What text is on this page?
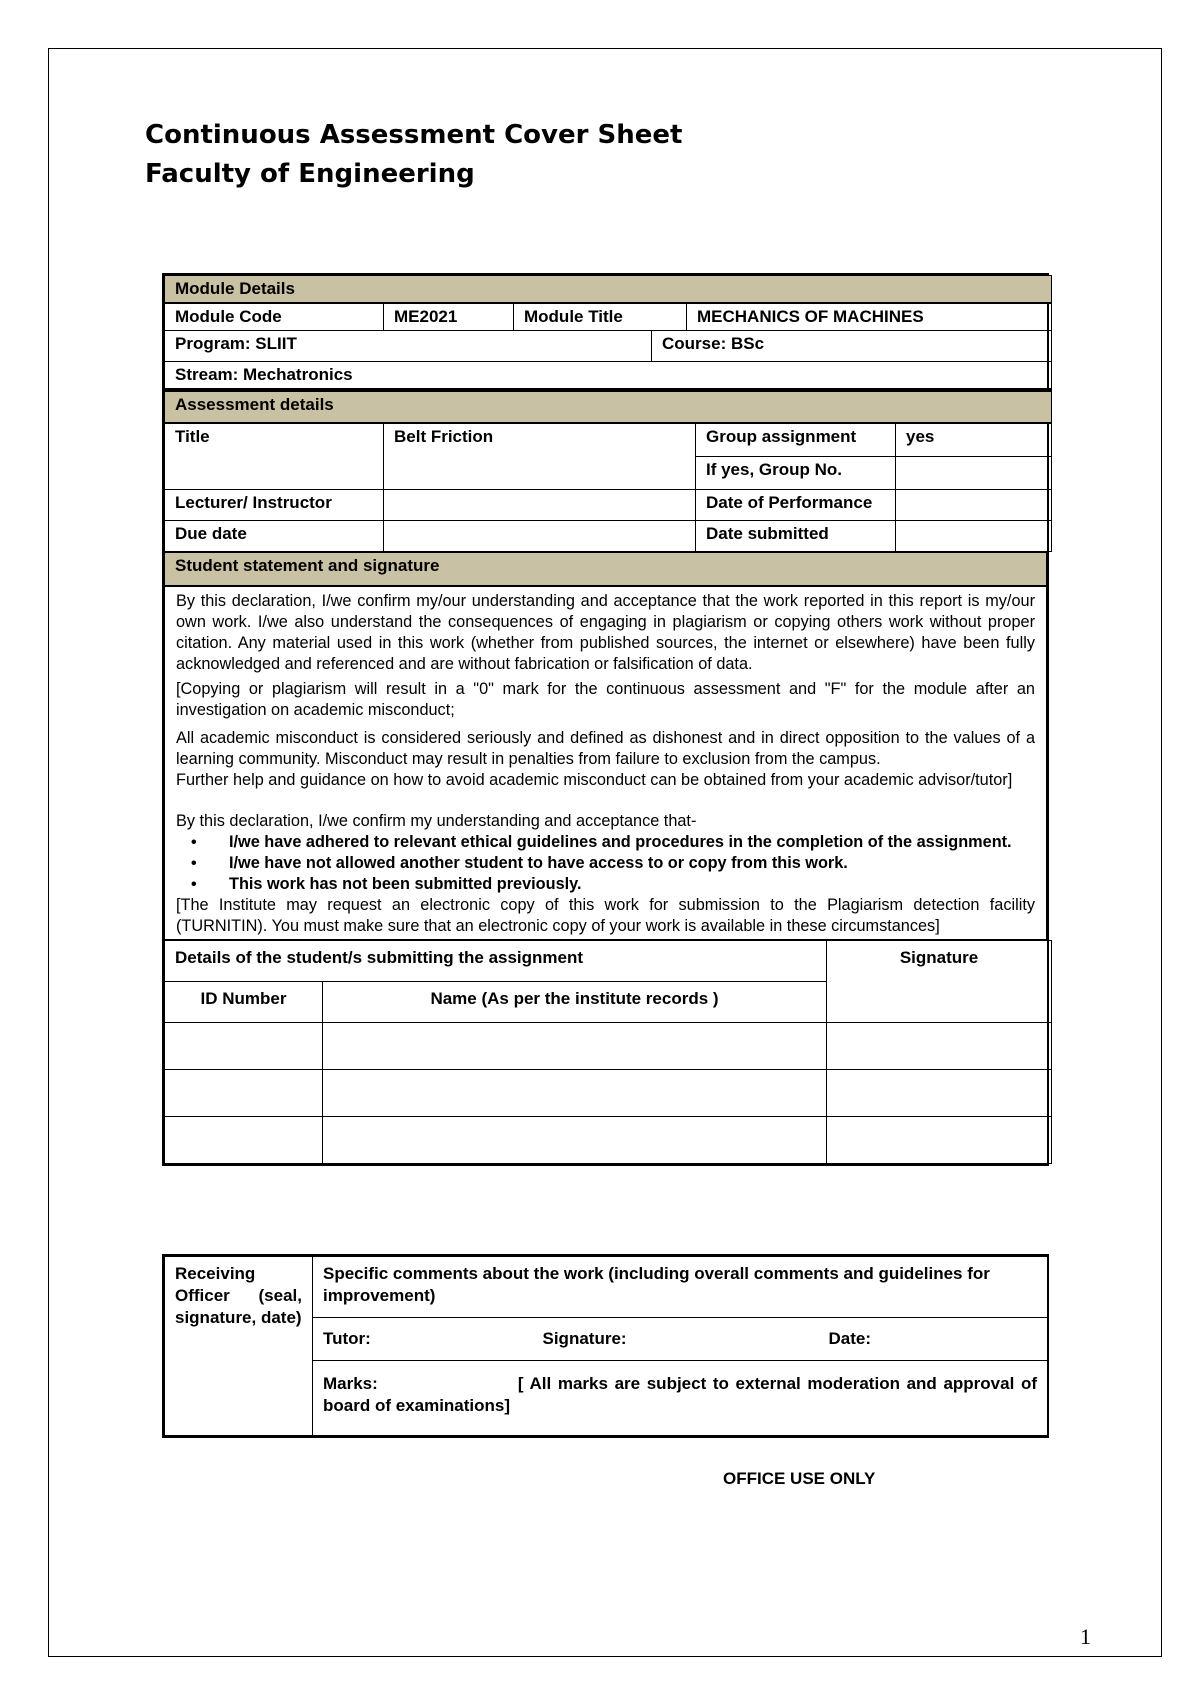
Continuous Assessment Cover Sheet
Faculty of Engineering
Module Details				
Module Code	ME2021	Module Title		MECHANICS OF MACHINES
Program: SLIIT			Course: BSc	
Stream: Mechatronics				
Assessment details			
Title	Belt Friction	Group assignment	yes
		If yes, Group No.	
Lecturer/ Instructor		Date of Performance	
Due date		Date submitted	
Student statement and signature

By this declaration, I/we confirm my/our understanding and acceptance that the work reported in this report is my/our own work. I/we also understand the consequences of engaging in plagiarism or copying others work without proper citation. Any material used in this work (whether from published sources, the internet or elsewhere) have been fully acknowledged and referenced and are without fabrication or falsification of data.

[Copying or plagiarism will result in a "0" mark for the continuous assessment and "F" for the module after an investigation on academic misconduct;

All academic misconduct is considered seriously and defined as dishonest and in direct opposition to the values of a learning community. Misconduct may result in penalties from failure to exclusion from the campus.

Further help and guidance on how to avoid academic misconduct can be obtained from your academic advisor/tutor]

By this declaration, I/we confirm my understanding and acceptance that-

• I/we have adhered to relevant ethical guidelines and procedures in the completion of the assignment.
• I/we have not allowed another student to have access to or copy from this work.
• This work has not been submitted previously.

[The Institute may request an electronic copy of this work for submission to the Plagiarism detection facility (TURNITIN). You must make sure that an electronic copy of your work is available in these circumstances]

Details of the student/s submitting the assignment		Signature
ID Number	Name (As per the institute records )	

Receiving Officer (seal, signature, date)	Specific comments about the work (including overall comments and guidelines for improvement)		
	Tutor:	Signature:	Date:
	Marks: [ All marks are subject to external moderation and approval of board of examinations]		
OFFICE USE ONLY
1
